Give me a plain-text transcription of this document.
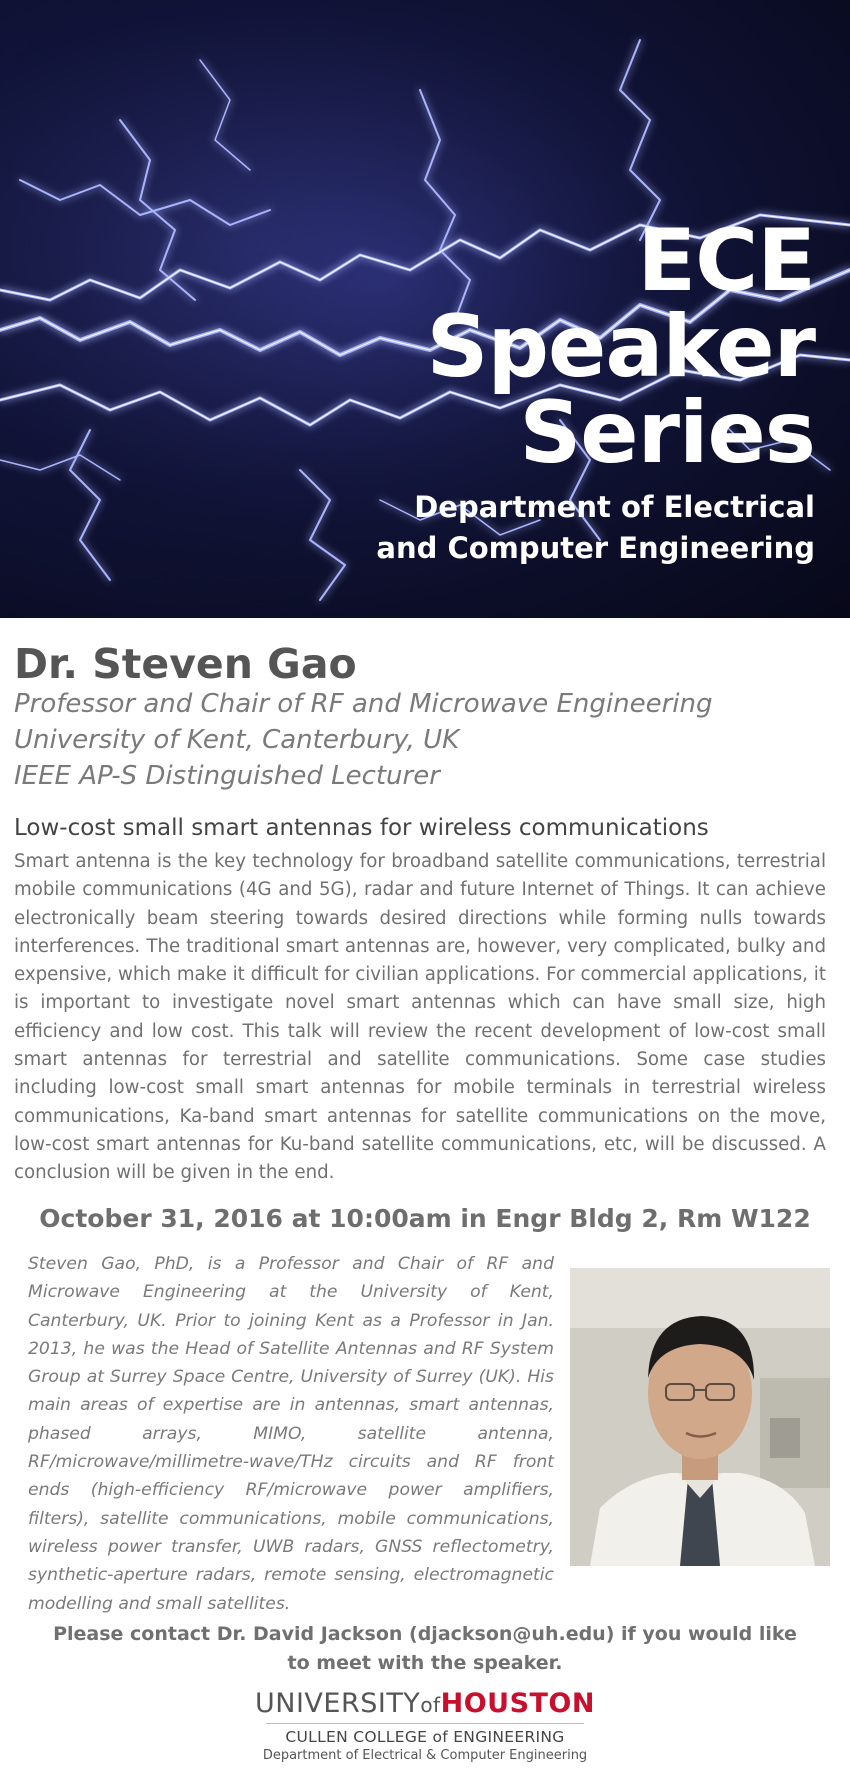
ECE
Speaker
Series
Department of Electrical
and Computer Engineering
Dr. Steven Gao
Professor and Chair of RF and Microwave Engineering
University of Kent, Canterbury, UK
IEEE AP-S Distinguished Lecturer
Low-cost small smart antennas for wireless communications
Smart antenna is the key technology for broadband satellite communications, terrestrial mobile communications (4G and 5G), radar and future Internet of Things. It can achieve electronically beam steering towards desired directions while forming nulls towards interferences. The traditional smart antennas are, however, very complicated, bulky and expensive, which make it difficult for civilian applications. For commercial applications, it is important to investigate novel smart antennas which can have small size, high efficiency and low cost. This talk will review the recent development of low-cost small smart antennas for terrestrial and satellite communications. Some case studies including low-cost small smart antennas for mobile terminals in terrestrial wireless communications, Ka-band smart antennas for satellite communications on the move, low-cost smart antennas for Ku-band satellite communications, etc, will be discussed. A conclusion will be given in the end.
October 31, 2016 at 10:00am in Engr Bldg 2, Rm W122
Steven Gao, PhD, is a Professor and Chair of RF and Microwave Engineering at the University of Kent, Canterbury, UK. Prior to joining Kent as a Professor in Jan. 2013, he was the Head of Satellite Antennas and RF System Group at Surrey Space Centre, University of Surrey (UK). His main areas of expertise are in antennas, smart antennas, phased arrays, MIMO, satellite antenna, RF/microwave/millimetre-wave/THz circuits and RF front ends (high-efficiency RF/microwave power amplifiers, filters), satellite communications, mobile communications, wireless power transfer, UWB radars, GNSS reflectometry, synthetic-aperture radars, remote sensing, electromagnetic modelling and small satellites.
Please contact Dr. David Jackson (djackson@uh.edu) if you would like to meet with the speaker.
UNIVERSITYofHOUSTON
CULLEN COLLEGE of ENGINEERING
Department of Electrical & Computer Engineering
